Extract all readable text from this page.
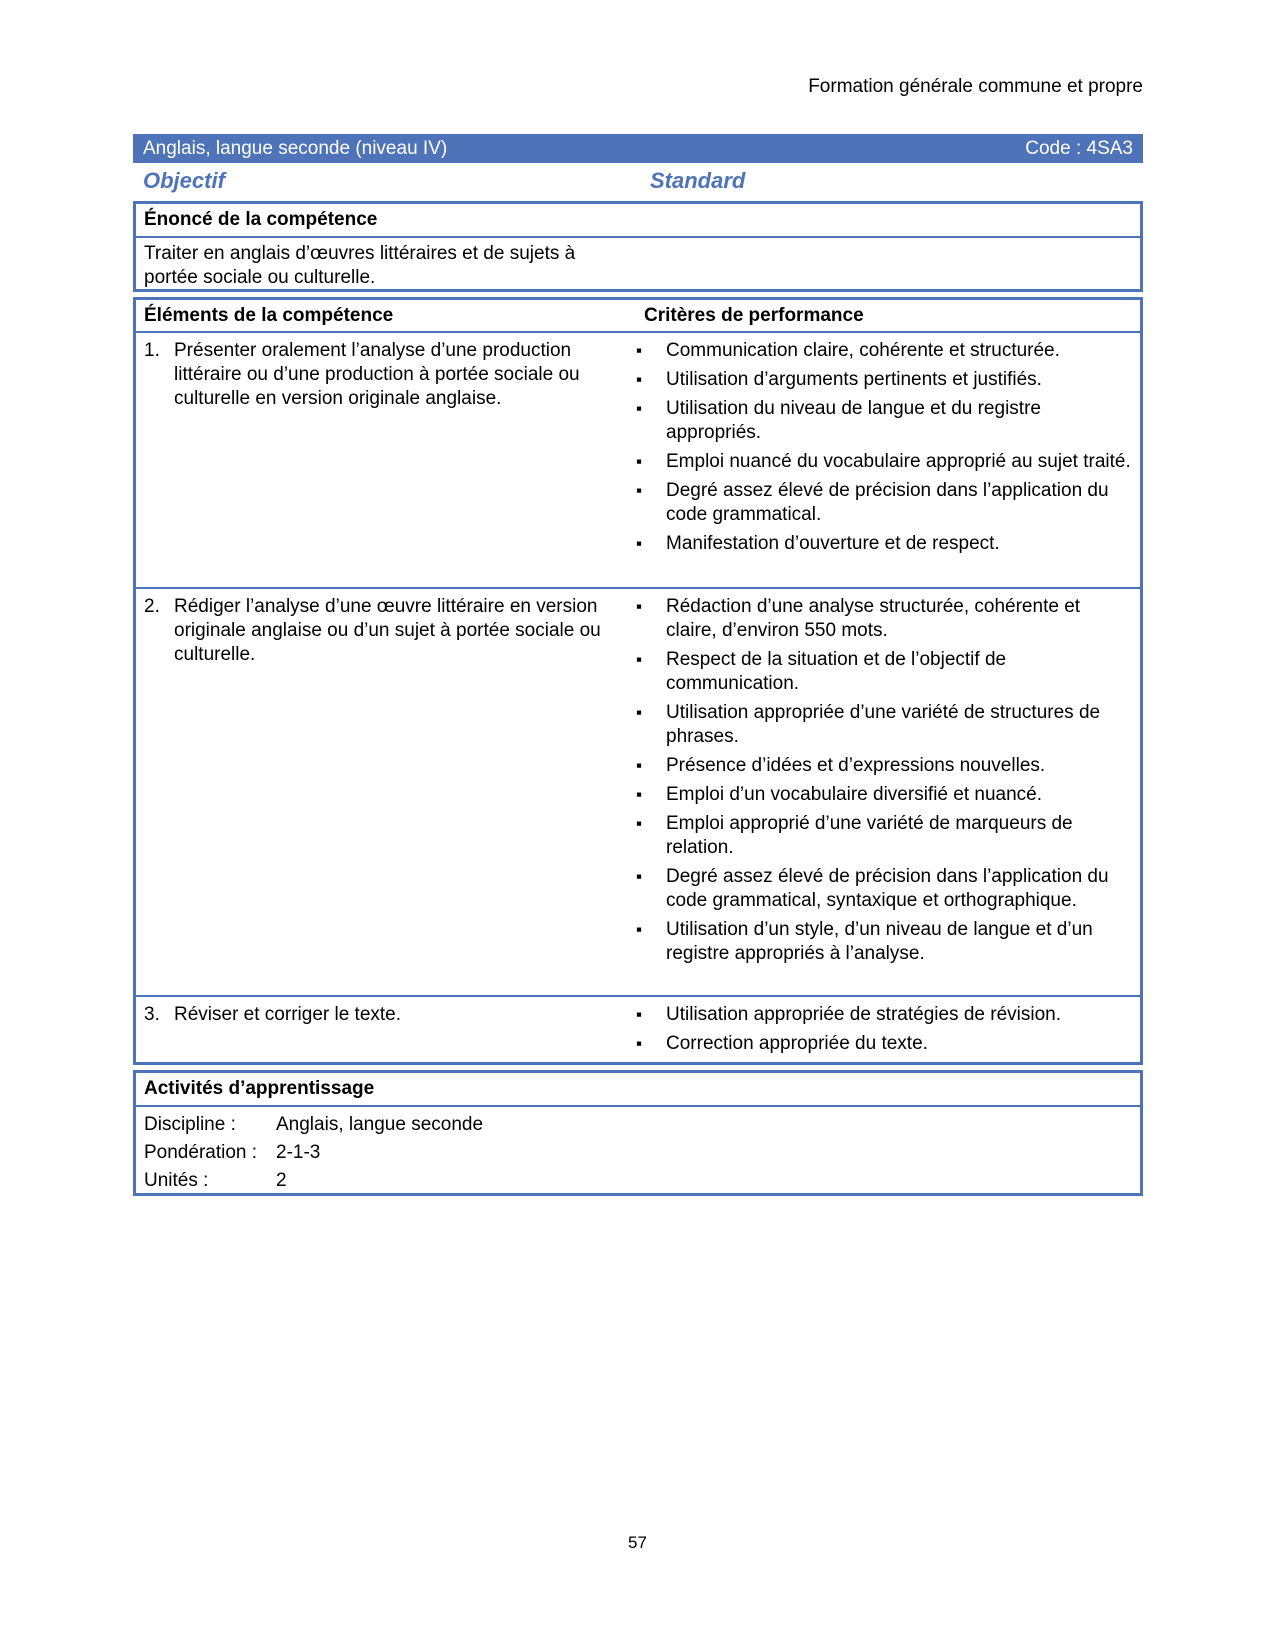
Formation générale commune et propre
Anglais, langue seconde (niveau IV)	Code : 4SA3
Objectif	Standard
Énoncé de la compétence
Traiter en anglais d’œuvres littéraires et de sujets à portée sociale ou culturelle.
Éléments de la compétence	Critères de performance
1. Présenter oralement l’analyse d’une production littéraire ou d’une production à portée sociale ou culturelle en version originale anglaise.
▪	Communication claire, cohérente et structurée.
▪	Utilisation d’arguments pertinents et justifiés.
▪	Utilisation du niveau de langue et du registre appropriés.
▪	Emploi nuancé du vocabulaire approprié au sujet traité.
▪	Degré assez élevé de précision dans l’application du code grammatical.
▪	Manifestation d’ouverture et de respect.
2. Rédiger l’analyse d’une œuvre littéraire en version originale anglaise ou d’un sujet à portée sociale ou culturelle.
▪	Rédaction d’une analyse structurée, cohérente et claire, d’environ 550 mots.
▪	Respect de la situation et de l’objectif de communication.
▪	Utilisation appropriée d’une variété de structures de phrases.
▪	Présence d’idées et d’expressions nouvelles.
▪	Emploi d’un vocabulaire diversifié et nuancé.
▪	Emploi approprié d’une variété de marqueurs de relation.
▪	Degré assez élevé de précision dans l’application du code grammatical, syntaxique et orthographique.
▪	Utilisation d’un style, d’un niveau de langue et d’un registre appropriés à l’analyse.
3. Réviser et corriger le texte.	▪	Utilisation appropriée de stratégies de révision.
▪	Correction appropriée du texte.
Activités d’apprentissage
Discipline :	Anglais, langue seconde
Pondération : 2-1-3
Unités :	2
57
